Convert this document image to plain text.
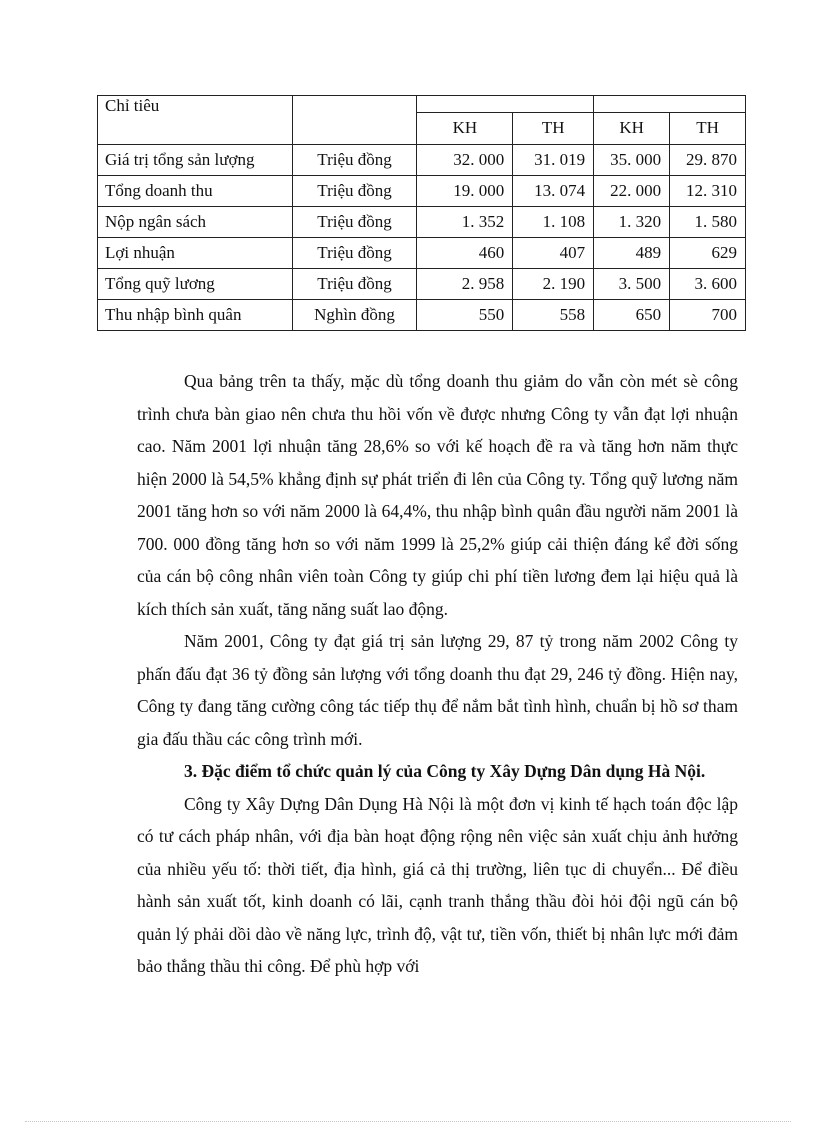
Chỉ tiêu					
		KH	TH	KH	TH
Giá trị tổng sản lượng	Triệu đồng	32. 000	31. 019	35. 000	29. 870
Tổng doanh thu	Triệu đồng	19. 000	13. 074	22. 000	12. 310
Nộp ngân sách	Triệu đồng	1. 352	1. 108	1. 320	1. 580
Lợi nhuận	Triệu đồng	460	407	489	629
Tổng quỹ lương	Triệu đồng	2. 958	2. 190	3. 500	3. 600
Thu nhập bình quân	Nghìn đồng	550	558	650	700

Qua bảng trên ta thấy, mặc dù tổng doanh thu giảm do vẫn còn mét sè công trình chưa bàn giao nên chưa thu hồi vốn về được nhưng Công ty vẫn đạt lợi nhuận cao. Năm 2001 lợi nhuận tăng 28,6% so với kế hoạch đề ra và tăng hơn năm thực hiện 2000 là 54,5% khẳng định sự phát triển đi lên của Công ty. Tổng quỹ lương năm 2001 tăng hơn so với năm 2000 là 64,4%, thu nhập bình quân đầu người năm 2001 là 700. 000 đồng tăng hơn so với năm 1999 là 25,2% giúp cải thiện đáng kể đời sống của cán bộ công nhân viên toàn Công ty giúp chi phí tiền lương đem lại hiệu quả là kích thích sản xuất, tăng năng suất lao động.

Năm 2001, Công ty đạt giá trị sản lượng 29, 87 tỷ trong năm 2002 Công ty phấn đấu đạt 36 tỷ đồng sản lượng với tổng doanh thu đạt 29, 246 tỷ đồng. Hiện nay, Công ty đang tăng cường công tác tiếp thụ để nắm bắt tình hình, chuẩn bị hồ sơ tham gia đấu thầu các công trình mới.

3. Đặc điểm tổ chức quản lý của Công ty Xây Dựng Dân dụng Hà Nội.

Công ty Xây Dựng Dân Dụng Hà Nội là một đơn vị kinh tế hạch toán độc lập có tư cách pháp nhân, với địa bàn hoạt động rộng nên việc sản xuất chịu ảnh hưởng của nhiều yếu tố: thời tiết, địa hình, giá cả thị trường, liên tục di chuyển... Để điều hành sản xuất tốt, kinh doanh có lãi, cạnh tranh thắng thầu đòi hỏi đội ngũ cán bộ quản lý phải dồi dào về năng lực, trình độ, vật tư, tiền vốn, thiết bị nhân lực mới đảm bảo thắng thầu thi công. Để phù hợp với
